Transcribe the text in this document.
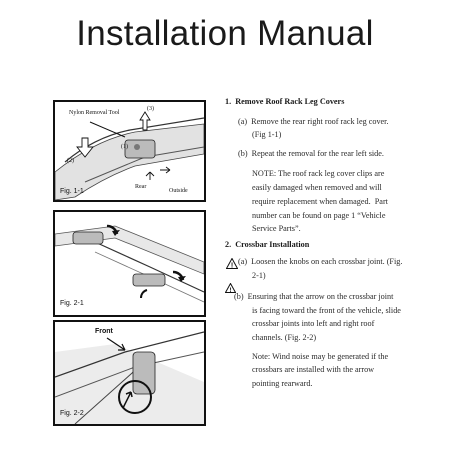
Installation Manual
Nylon Removal Tool
(3)
(1)
(2)
Rear
Outside
Fig. 1-1
Fig. 2-1
Front
Fig. 2-2
1.  Remove Roof Rack Leg Covers
(a)  Remove the rear right roof rack leg cover.
(Fig 1-1)
(b)  Repeat the removal for the rear left side.
NOTE: The roof rack leg cover clips are
easily damaged when removed and will
require replacement when damaged.  Part
number can be found on page 1 “Vehicle
Service Parts”.
2.  Crossbar Installation
! (a)  Loosen the knobs on each crossbar joint. (Fig.
2-1)
!
(b)  Ensuring that the arrow on the crossbar joint
is facing toward the front of the vehicle, slide
crossbar joints into left and right roof
channels. (Fig. 2-2)
Note: Wind noise may be generated if the
crossbars are installed with the arrow
pointing rearward.
